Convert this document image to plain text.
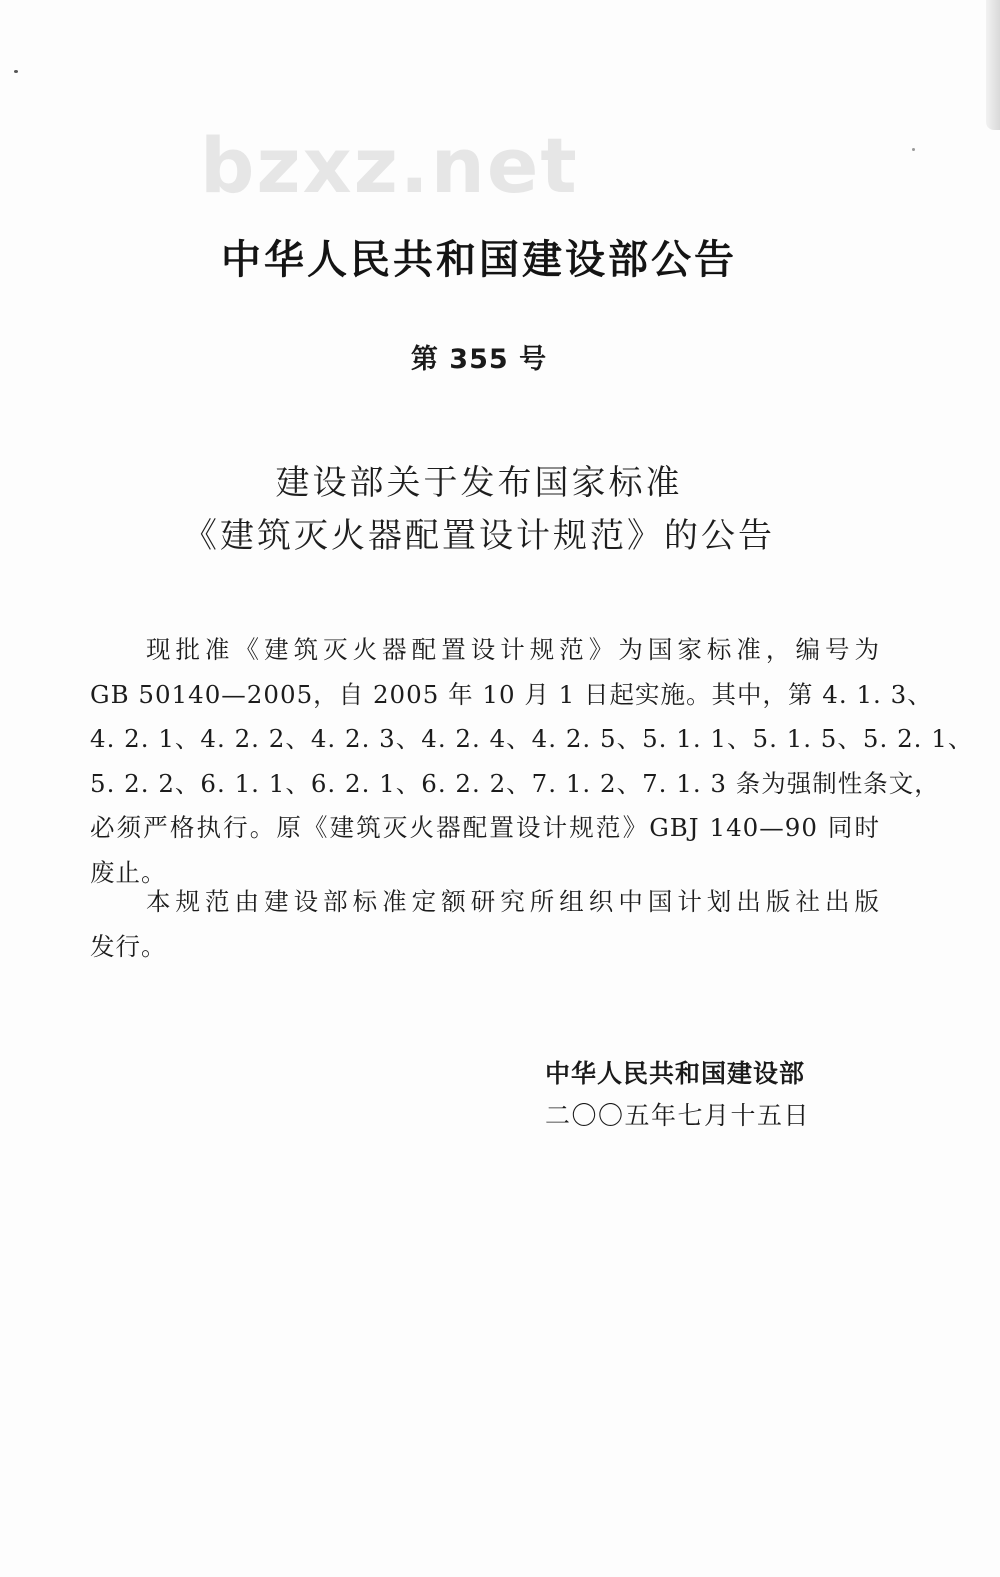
bzxz.net
中华人民共和国建设部公告
第 355 号
建设部关于发布国家标准
《建筑灭火器配置设计规范》的公告
现批准《建筑灭火器配置设计规范》为国家标准，编号为
GB 50140—2005，自 2005 年 10 月 1 日起实施。其中，第 4. 1. 3、
4. 2. 1、4. 2. 2、4. 2. 3、4. 2. 4、4. 2. 5、5. 1. 1、5. 1. 5、5. 2. 1、
5. 2. 2、6. 1. 1、6. 2. 1、6. 2. 2、7. 1. 2、7. 1. 3 条为强制性条文，
必须严格执行。原《建筑灭火器配置设计规范》GBJ 140—90 同时
废止。
本规范由建设部标准定额研究所组织中国计划出版社出版
发行。
中华人民共和国建设部
二〇〇五年七月十五日
